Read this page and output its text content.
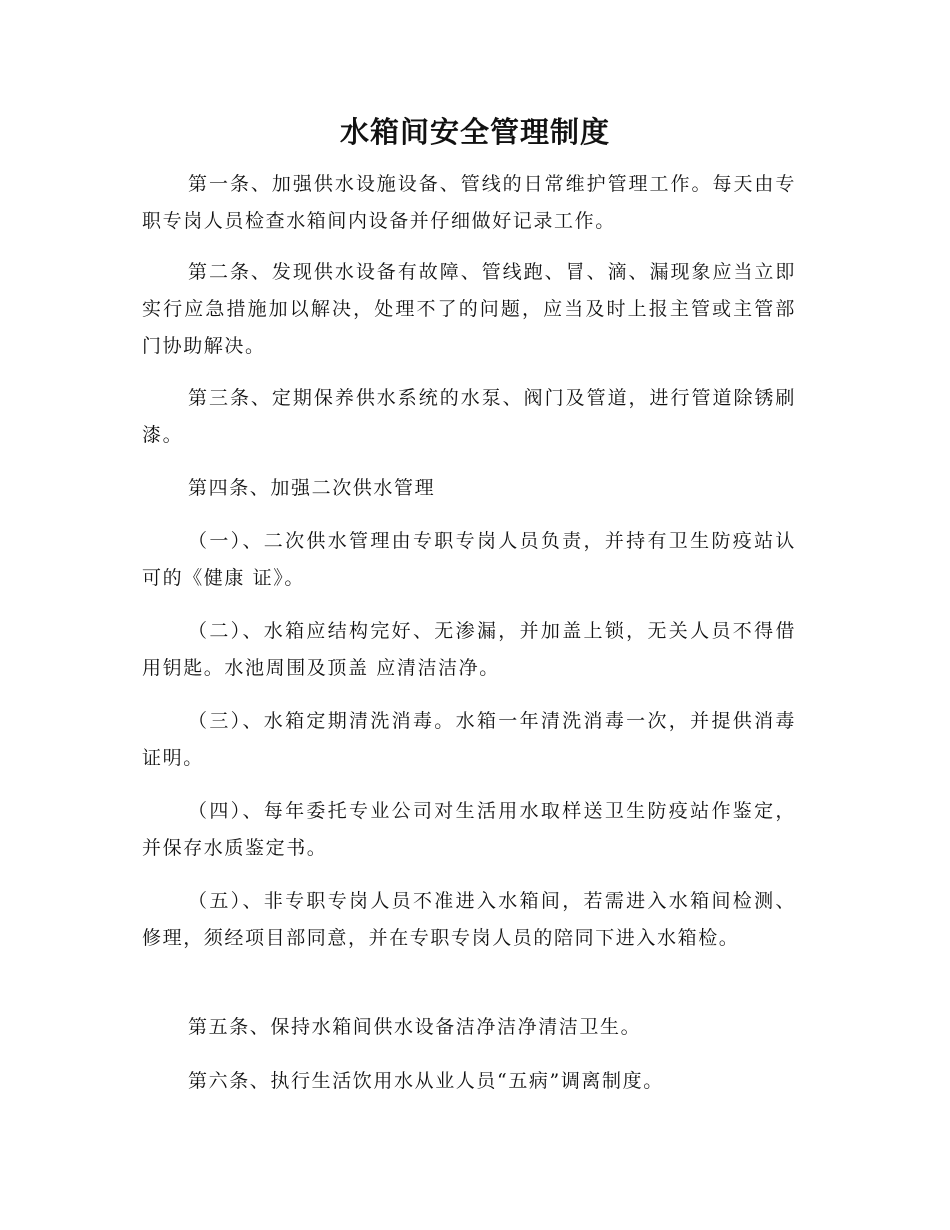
水箱间安全管理制度

第一条、加强供水设施设备、管线的日常维护管理工作。每天由专职专岗人员检查水箱间内设备并仔细做好记录工作。

第二条、发现供水设备有故障、管线跑、冒、滴、漏现象应当立即实行应急措施加以解决，处理不了的问题，应当及时上报主管或主管部门协助解决。

第三条、定期保养供水系统的水泵、阀门及管道，进行管道除锈刷漆。

第四条、加强二次供水管理

（一）、二次供水管理由专职专岗人员负责，并持有卫生防疫站认可的《健康 证》。

（二）、水箱应结构完好、无渗漏，并加盖上锁，无关人员不得借用钥匙。水池周围及顶盖 应清洁洁净。

（三）、水箱定期清洗消毒。水箱一年清洗消毒一次，并提供消毒证明。

（四）、每年委托专业公司对生活用水取样送卫生防疫站作鉴定，并保存水质鉴定书。

（五）、非专职专岗人员不准进入水箱间，若需进入水箱间检测、修理，须经项目部同意，并在专职专岗人员的陪同下进入水箱检。

第五条、保持水箱间供水设备洁净洁净清洁卫生。

第六条、执行生活饮用水从业人员“五病”调离制度。
